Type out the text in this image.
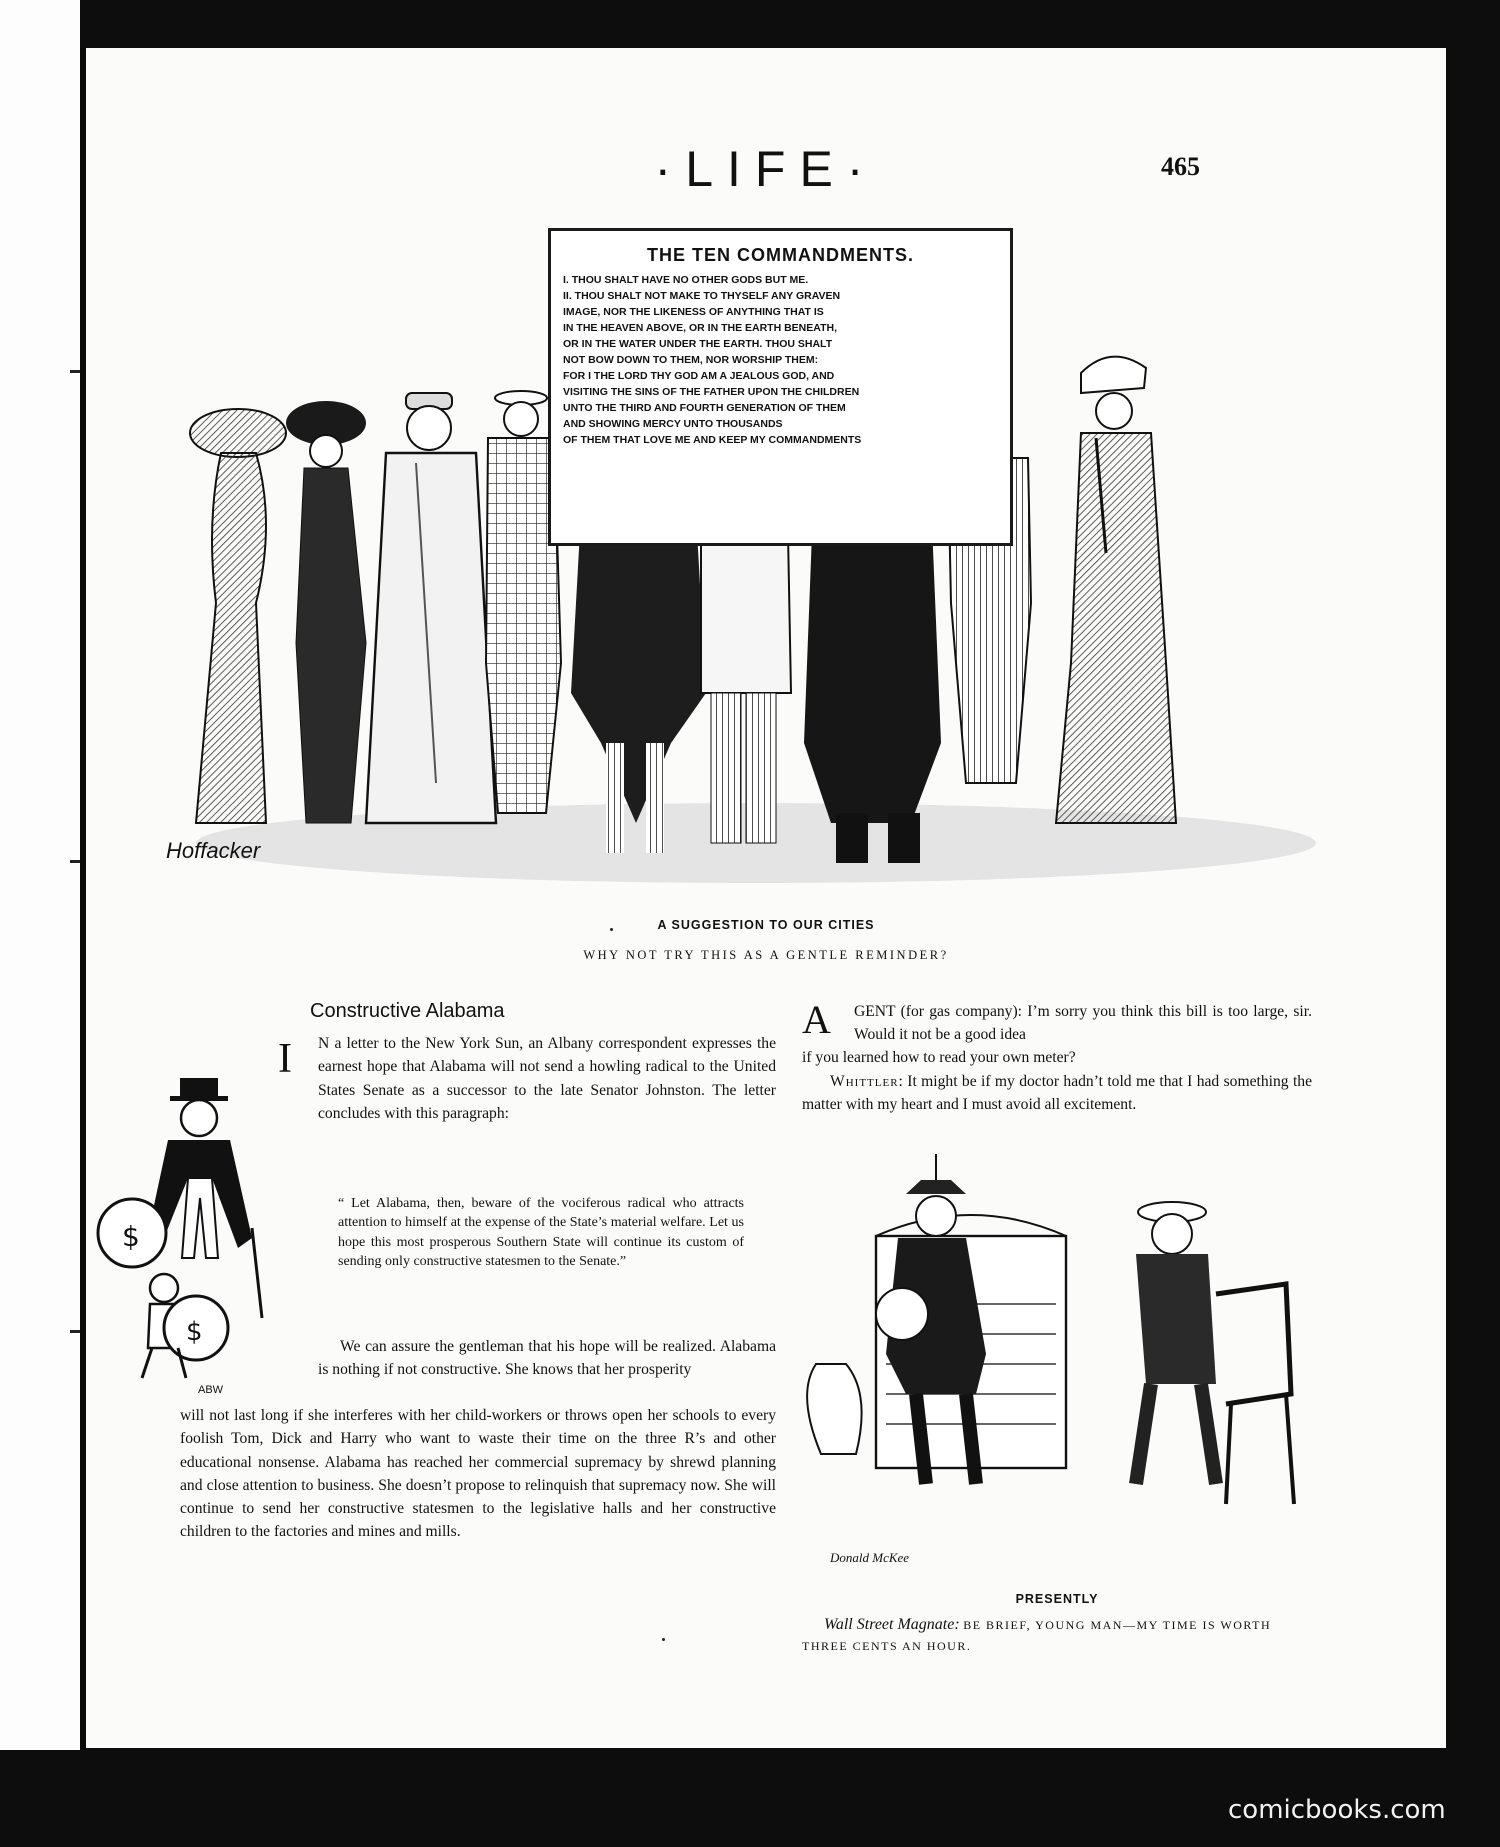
·LIFE·	465
THE TEN COMMANDMENTS.
I. THOU SHALT HAVE NO OTHER GODS BUT ME.
II. THOU SHALT NOT MAKE TO THYSELF ANY GRAVEN
IMAGE, NOR THE LIKENESS OF ANYTHING THAT IS
IN THE HEAVEN ABOVE, OR IN THE EARTH BENEATH,
OR IN THE WATER UNDER THE EARTH. THOU SHALT
NOT BOW DOWN TO THEM, NOR WORSHIP THEM:
FOR I THE LORD THY GOD AM A JEALOUS GOD, AND
VISITING THE SINS OF THE FATHER UPON THE CHILDREN
UNTO THE THIRD AND FOURTH GENERATION OF THEM
AND SHOWING MERCY UNTO THOUSANDS
OF THEM THAT LOVE ME AND KEEP MY COMMANDMENTS
Hoffacker
A SUGGESTION TO OUR CITIES
WHY NOT TRY THIS AS A GENTLE REMINDER?
Constructive Alabama
I N a letter to the New York Sun, an Albany correspondent expresses the earnest hope that Alabama will not send a howling radical to the United States Senate as a successor to the late Senator Johnston. The letter concludes with this paragraph:

$
$
ABW

“ Let Alabama, then, beware of the vociferous radical who attracts attention to himself at the expense of the State’s material welfare. Let us hope this most prosperous Southern State will continue its custom of sending only constructive statesmen to the Senate.”

We can assure the gentleman that his hope will be realized. Alabama is nothing if not constructive. She knows that her prosperity

will not last long if she interferes with her child-workers or throws open her schools to every foolish Tom, Dick and Harry who want to waste their time on the three R’s and other educational nonsense. Alabama has reached her commercial supremacy by shrewd planning and close attention to business. She doesn’t propose to relinquish that supremacy now. She will continue to send her constructive statesmen to the legislative halls and her constructive children to the factories and mines and mills.

A GENT (for gas company): I’m sorry you think this bill is too large, sir. Would it not be a good idea

if you learned how to read your own meter?

Whittler: It might be if my doctor hadn’t told me that I had something the matter with my heart and I must avoid all excitement.

Donald McKee
PRESENTLY
Wall Street Magnate: BE BRIEF, YOUNG MAN—MY TIME IS WORTH THREE CENTS AN HOUR.
comicbooks.com
